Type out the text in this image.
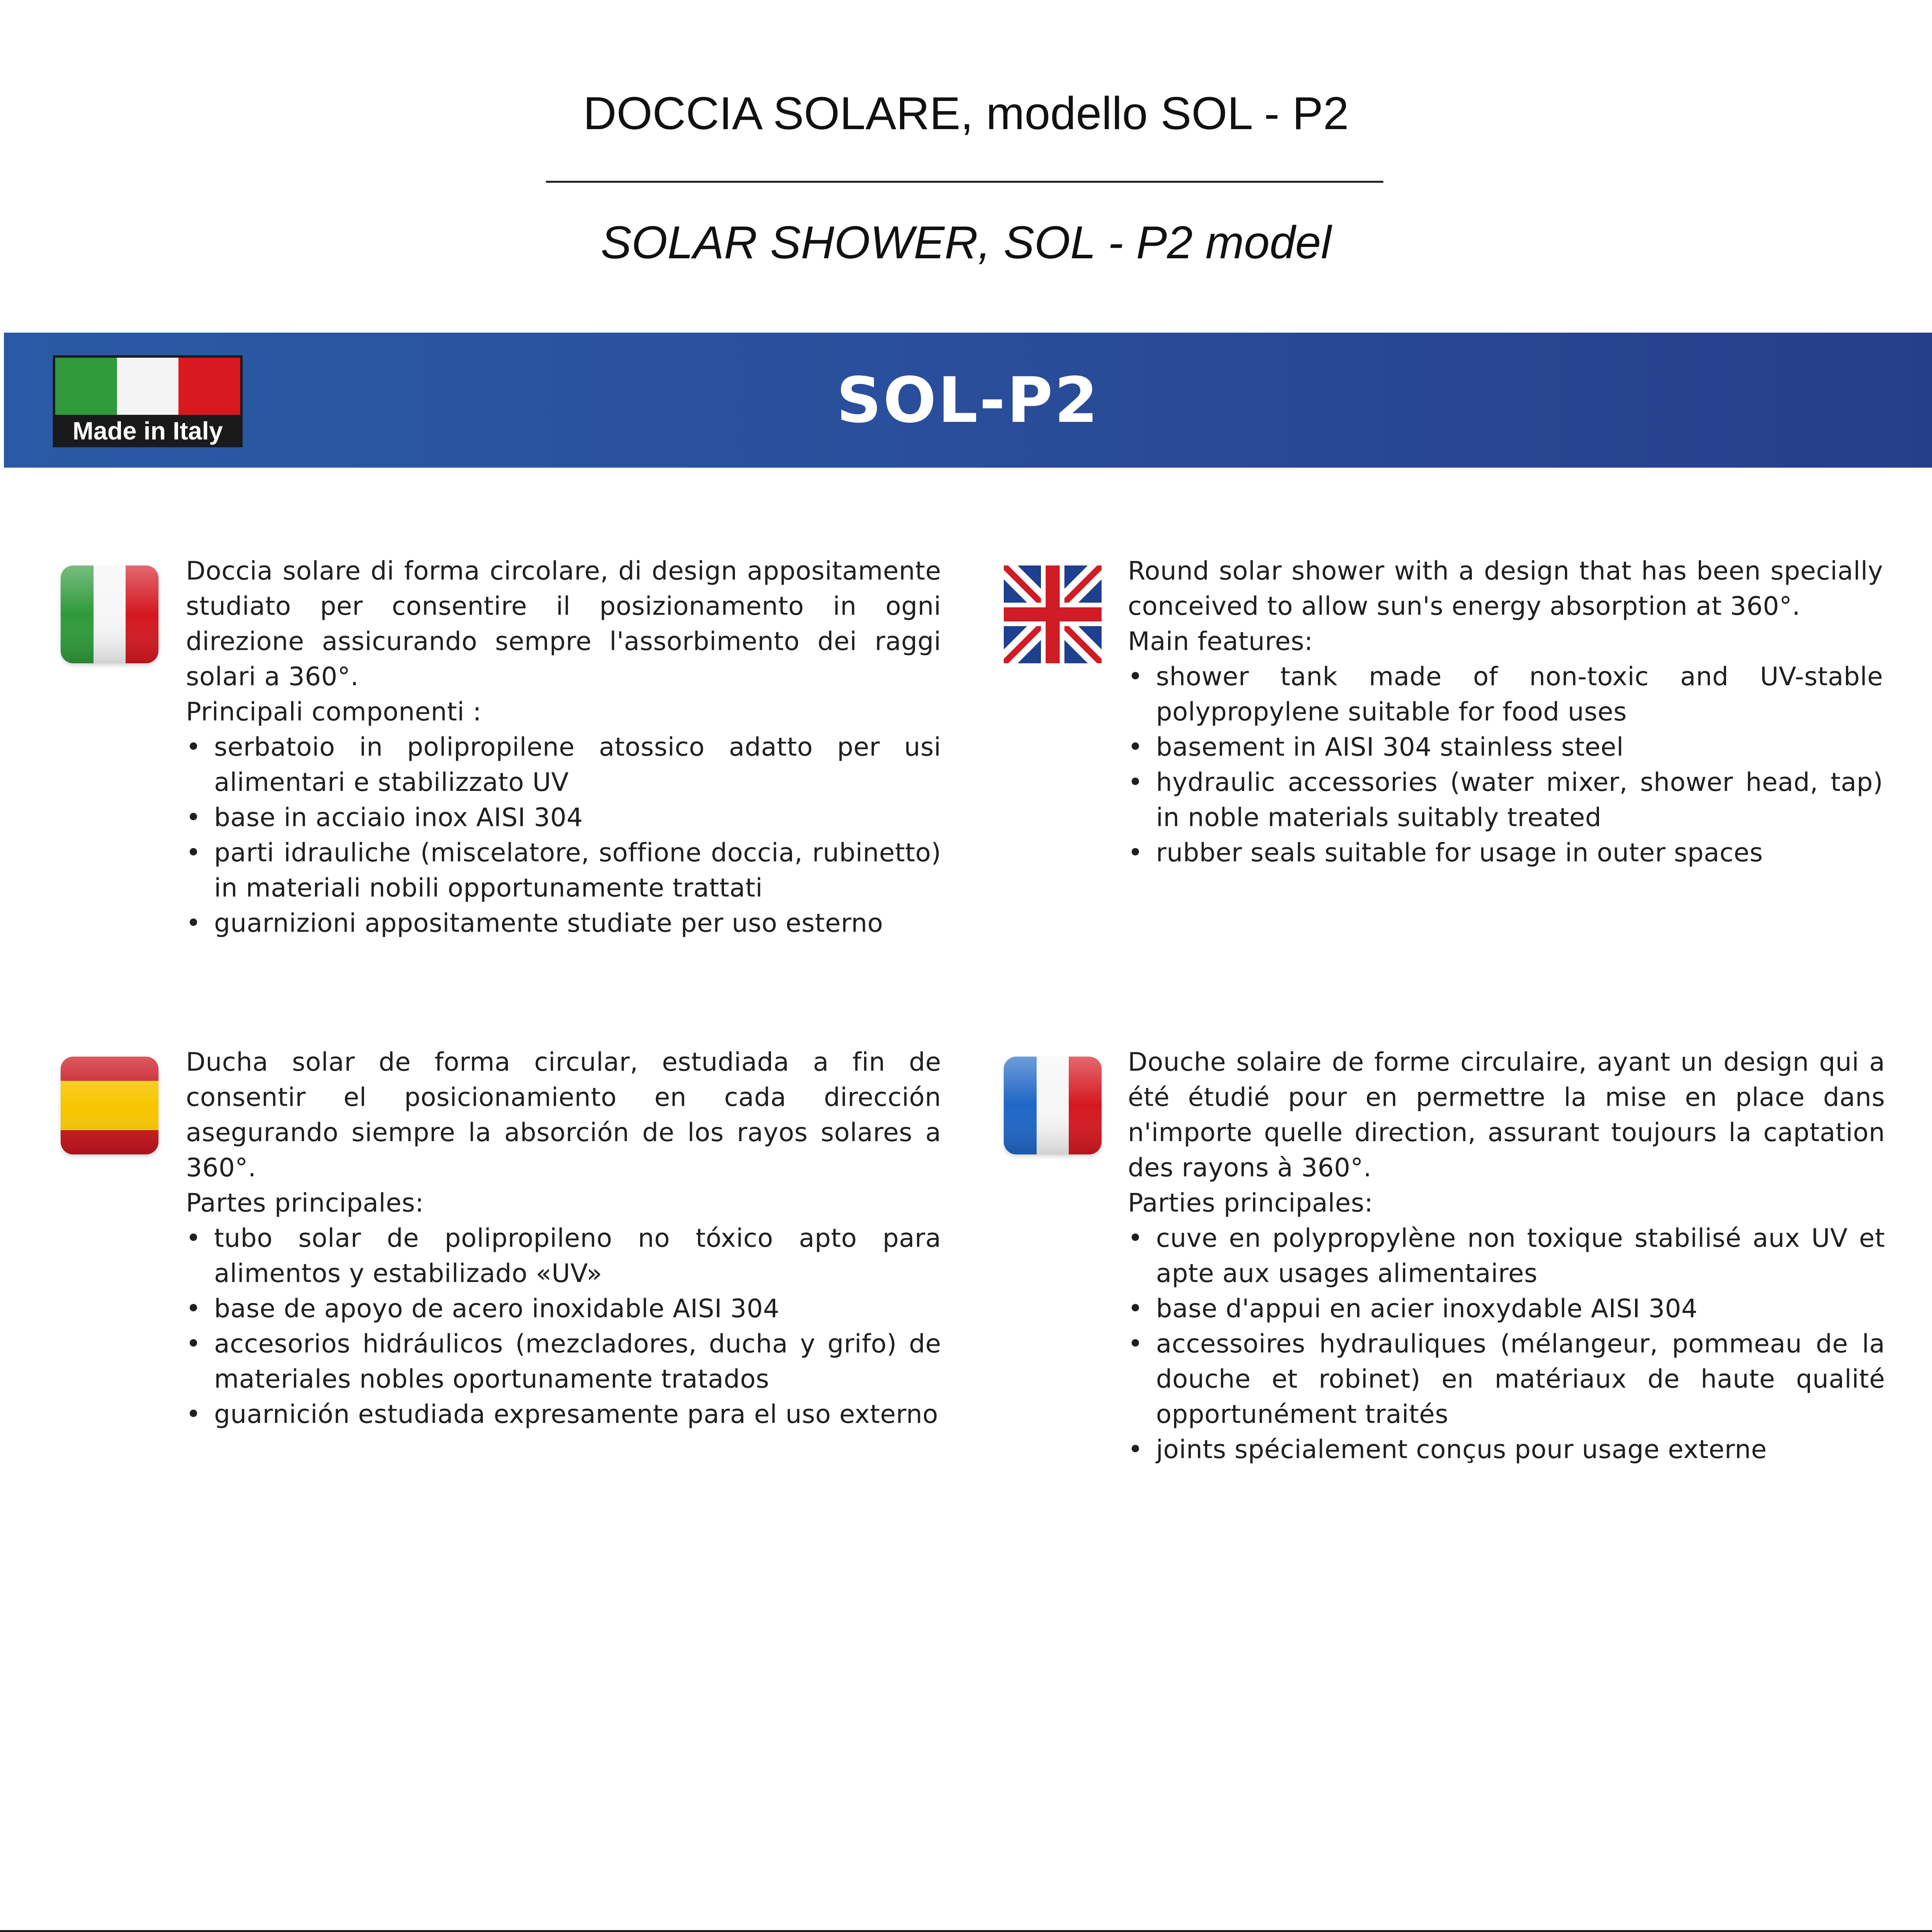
DOCCIA SOLARE, modello SOL - P2
SOLAR SHOWER, SOL - P2 model
Made in Italy	SOL-P2

Doccia solare di forma circolare, di design appositamente studiato per consentire il posizionamento in ogni direzione assicurando sempre l'assorbimento dei raggi solari a 360°.

Principali componenti :

• serbatoio in polipropilene atossico adatto per usi alimentari e stabilizzato UV
• base in acciaio inox AISI 304
• parti idrauliche (miscelatore, soffione doccia, rubinetto) in materiali nobili opportunamente trattati
• guarnizioni appositamente studiate per uso esterno

Round solar shower with a design that has been specially conceived to allow sun's energy absorption at 360°.

Main features:

• shower tank made of non-toxic and UV-stable polypropylene suitable for food uses
• basement in AISI 304 stainless steel
• hydraulic accessories (water mixer, shower head, tap) in noble materials suitably treated
• rubber seals suitable for usage in outer spaces

Ducha solar de forma circular, estudiada a fin de consentir el posicionamiento en cada dirección asegurando siempre la absorción de los rayos solares a 360°.

Partes principales:

• tubo solar de polipropileno no tóxico apto para alimentos y estabilizado «UV»
• base de apoyo de acero inoxidable AISI 304
• accesorios hidráulicos (mezcladores, ducha y grifo) de materiales nobles oportunamente tratados
• guarnición estudiada expresamente para el uso externo

Douche solaire de forme circulaire, ayant un design qui a été étudié pour en permettre la mise en place dans n'importe quelle direction, assurant toujours la captation des rayons à 360°.

Parties principales:

• cuve en polypropylène non toxique stabilisé aux UV et apte aux usages alimentaires
• base d'appui en acier inoxydable AISI 304
• accessoires hydrauliques (mélangeur, pommeau de la douche et robinet) en matériaux de haute qualité opportunément traités
• joints spécialement conçus pour usage externe
